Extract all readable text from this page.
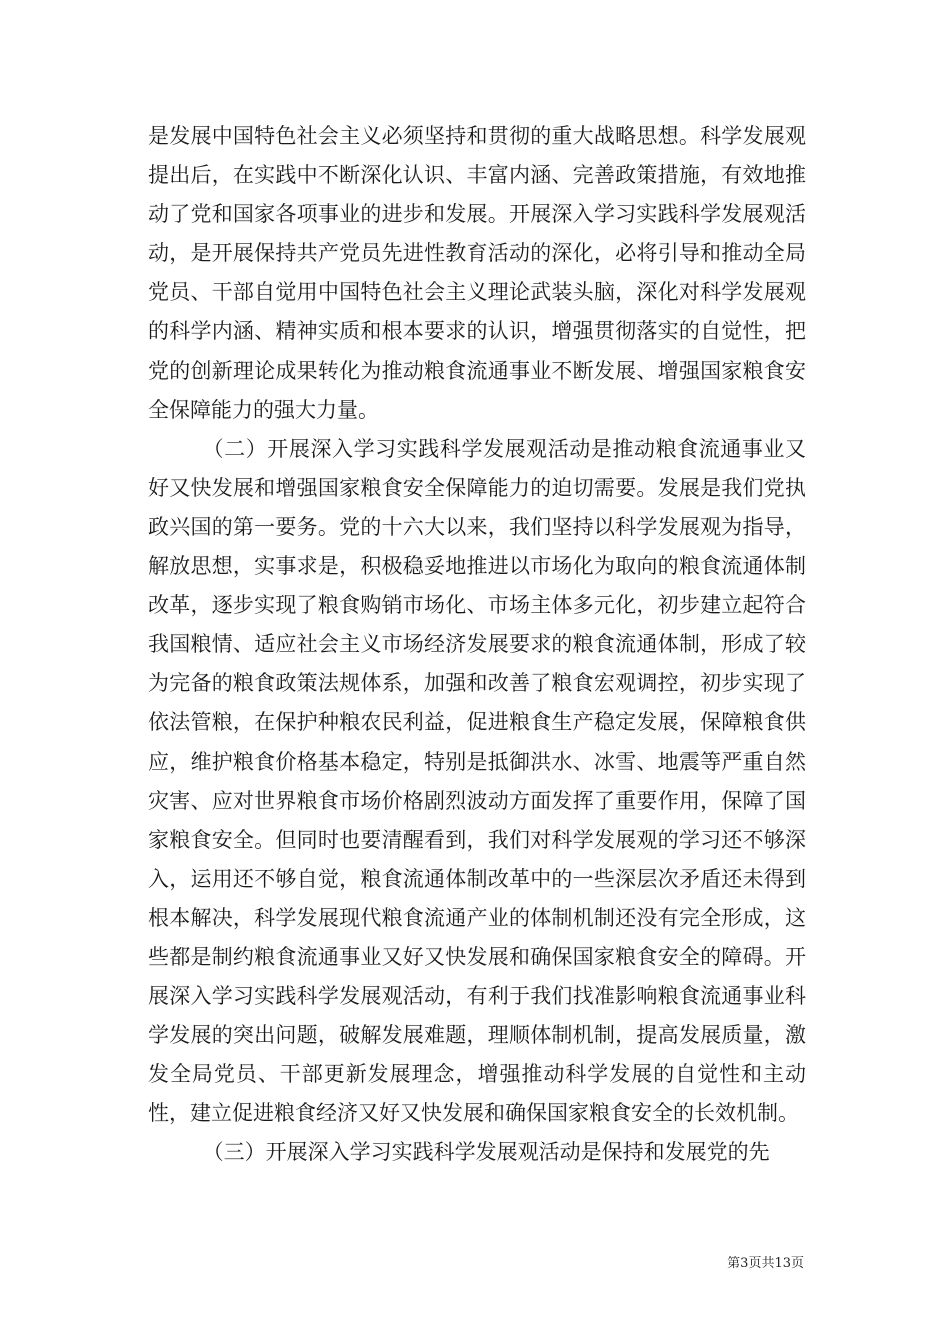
是发展中国特色社会主义必须坚持和贯彻的重大战略思想。科学发展观提出后，在实践中不断深化认识、丰富内涵、完善政策措施，有效地推动了党和国家各项事业的进步和发展。开展深入学习实践科学发展观活动，是开展保持共产党员先进性教育活动的深化，必将引导和推动全局党员、干部自觉用中国特色社会主义理论武装头脑，深化对科学发展观的科学内涵、精神实质和根本要求的认识，增强贯彻落实的自觉性，把党的创新理论成果转化为推动粮食流通事业不断发展、增强国家粮食安全保障能力的强大力量。

（二）开展深入学习实践科学发展观活动是推动粮食流通事业又好又快发展和增强国家粮食安全保障能力的迫切需要。发展是我们党执政兴国的第一要务。党的十六大以来，我们坚持以科学发展观为指导，解放思想，实事求是，积极稳妥地推进以市场化为取向的粮食流通体制改革，逐步实现了粮食购销市场化、市场主体多元化，初步建立起符合我国粮情、适应社会主义市场经济发展要求的粮食流通体制，形成了较为完备的粮食政策法规体系，加强和改善了粮食宏观调控，初步实现了依法管粮，在保护种粮农民利益，促进粮食生产稳定发展，保障粮食供应，维护粮食价格基本稳定，特别是抵御洪水、冰雪、地震等严重自然灾害、应对世界粮食市场价格剧烈波动方面发挥了重要作用，保障了国家粮食安全。但同时也要清醒看到，我们对科学发展观的学习还不够深入，运用还不够自觉，粮食流通体制改革中的一些深层次矛盾还未得到根本解决，科学发展现代粮食流通产业的体制机制还没有完全形成，这些都是制约粮食流通事业又好又快发展和确保国家粮食安全的障碍。开展深入学习实践科学发展观活动，有利于我们找准影响粮食流通事业科学发展的突出问题，破解发展难题，理顺体制机制，提高发展质量，激发全局党员、干部更新发展理念，增强推动科学发展的自觉性和主动性，建立促进粮食经济又好又快发展和确保国家粮食安全的长效机制。

（三）开展深入学习实践科学发展观活动是保持和发展党的先

第3页共13页
